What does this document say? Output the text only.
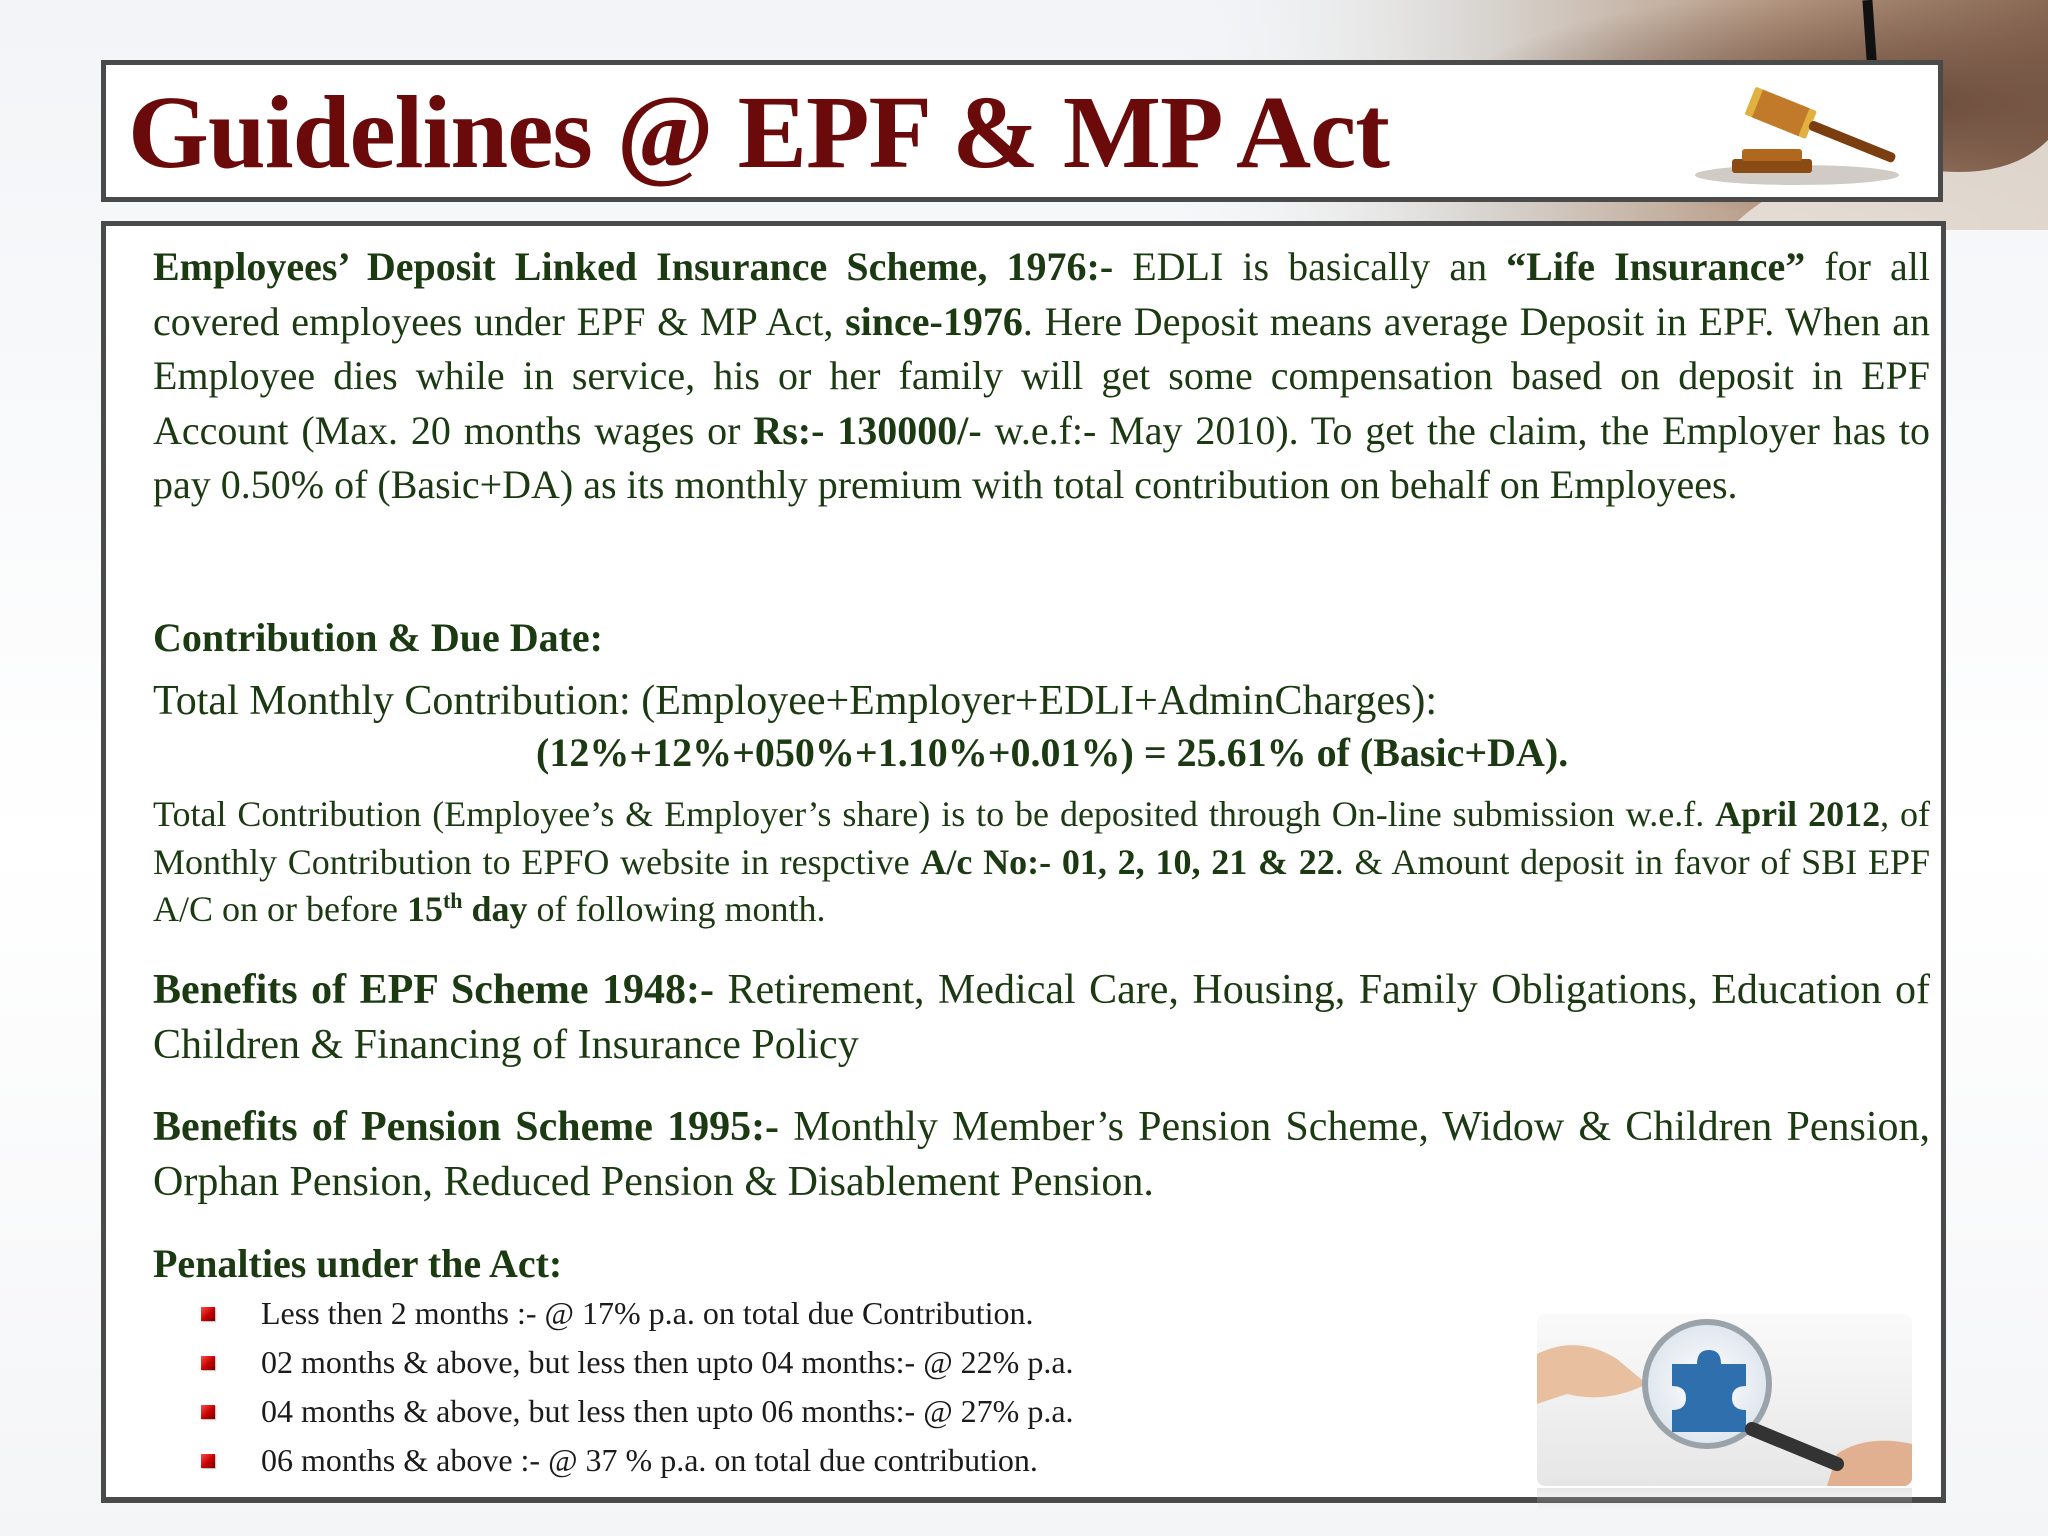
Guidelines @ EPF & MP Act

Employees’ Deposit Linked Insurance Scheme, 1976:- EDLI is basically an “Life Insurance” for all covered employees under EPF & MP Act, since-1976. Here Deposit means average Deposit in EPF. When an Employee dies while in service, his or her family will get some compensation based on deposit in EPF Account (Max. 20 months wages or Rs:- 130000/- w.e.f:- May 2010). To get the claim, the Employer has to pay 0.50% of (Basic+DA) as its monthly premium with total contribution on behalf on Employees.

Contribution & Due Date:

Total Monthly Contribution: (Employee+Employer+EDLI+AdminCharges):

(12%+12%+050%+1.10%+0.01%) = 25.61% of (Basic+DA).

Total Contribution (Employee’s & Employer’s share) is to be deposited through On-line submission w.e.f. April 2012, of Monthly Contribution to EPFO website in respctive A/c No:- 01, 2, 10, 21 & 22. & Amount deposit in favor of SBI EPF A/C on or before 15th day of following month.

Benefits of EPF Scheme 1948:- Retirement, Medical Care, Housing, Family Obligations, Education of Children & Financing of Insurance Policy

Benefits of Pension Scheme 1995:- Monthly Member’s Pension Scheme, Widow & Children Pension, Orphan Pension, Reduced Pension & Disablement Pension.

Penalties under the Act:
Less then 2 months :- @ 17% p.a. on total due Contribution.
02 months & above, but less then upto 04 months:- @ 22% p.a.
04 months & above, but less then upto 06 months:- @ 27% p.a.
06 months & above :- @ 37 % p.a. on total due contribution.
